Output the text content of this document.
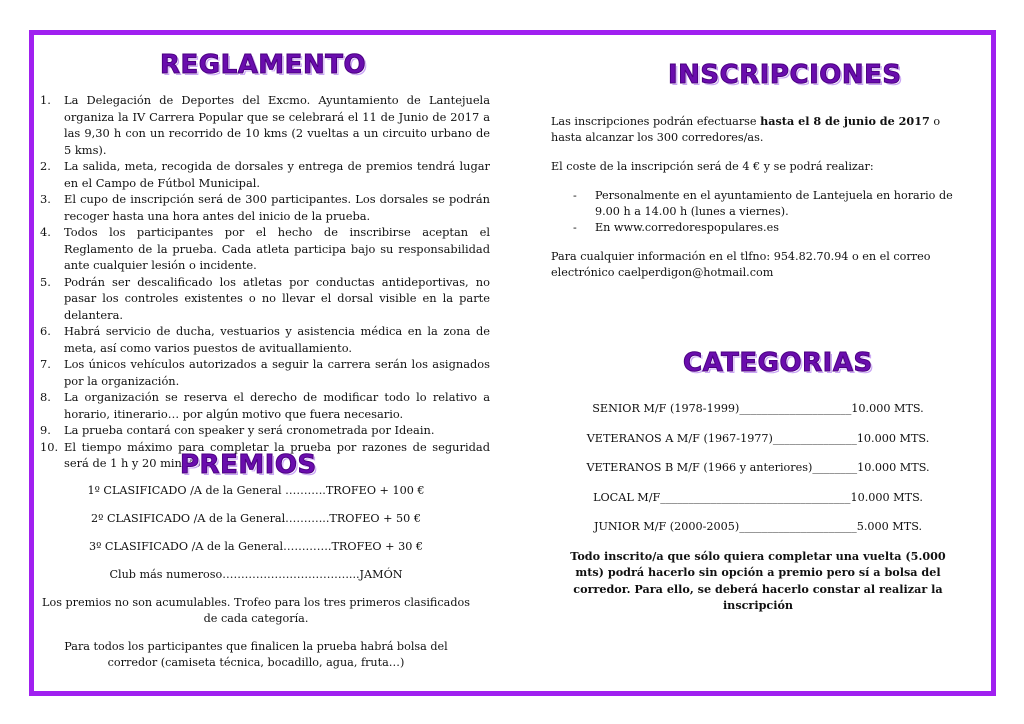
REGLAMENTO
1.	La Delegación de Deportes del Excmo. Ayuntamiento de Lantejuela organiza la IV Carrera Popular que se celebrará el 11 de Junio de 2017 a las 9,30 h con un recorrido de 10 kms (2 vueltas a un circuito urbano de 5 kms).
2.	La salida, meta, recogida de dorsales y entrega de premios tendrá lugar en el Campo de Fútbol Municipal.
3.	El cupo de inscripción será de 300 participantes. Los dorsales se podrán recoger hasta una hora antes del inicio de la prueba.
4.	Todos los participantes por el hecho de inscribirse aceptan el Reglamento de la prueba. Cada atleta participa bajo su responsabilidad ante cualquier lesión o incidente.
5.	Podrán ser descalificado los atletas por conductas antideportivas, no pasar los controles existentes o no llevar el dorsal visible en la parte delantera.
6.	Habrá servicio de ducha, vestuarios y asistencia médica en la zona de meta, así como varios puestos de avituallamiento.
7.	Los únicos vehículos autorizados a seguir la carrera serán los asignados por la organización.
8.	La organización se reserva el derecho de modificar todo lo relativo a horario, itinerario… por algún motivo que fuera necesario.
9.	La prueba contará con speaker y será cronometrada por Ideain.
10. El tiempo máximo para completar la prueba por razones de seguridad será de 1 h y 20 minutos.
PREMIOS

1º CLASIFICADO /A de la General ………..TROFEO + 100 €

2º CLASIFICADO /A de la General………...TROFEO + 50 €

3º CLASIFICADO /A de la General………….TROFEO + 30 €

Club más numeroso……………………………....JAMÓN

Los premios no son acumulables. Trofeo para los tres primeros clasificados de cada categoría.

Para todos los participantes que finalicen la prueba habrá bolsa del corredor (camiseta técnica, bocadillo, agua, fruta…)

INSCRIPCIONES

Las inscripciones podrán efectuarse hasta el 8 de junio de 2017 o hasta alcanzar los 300 corredores/as.

El coste de la inscripción será de 4 € y se podrá realizar:

-	Personalmente en el ayuntamiento de Lantejuela en horario de 9.00 h a 14.00 h (lunes a viernes).
-	En www.corredorespopulares.es

Para cualquier información en el tlfno: 954.82.70.94 o en el correo electrónico caelperdigon@hotmail.com

CATEGORIAS
SENIOR M/F (1978-1999)____________________10.000 MTS.
VETERANOS A M/F (1967-1977)_______________10.000 MTS.
VETERANOS B M/F (1966 y anteriores)________10.000 MTS.
LOCAL M/F__________________________________10.000 MTS.
JUNIOR M/F (2000-2005)_____________________5.000 MTS.
Todo inscrito/a que sólo quiera completar una vuelta (5.000 mts) podrá hacerlo sin opción a premio pero sí a bolsa del corredor. Para ello, se deberá hacerlo constar al realizar la inscripción
